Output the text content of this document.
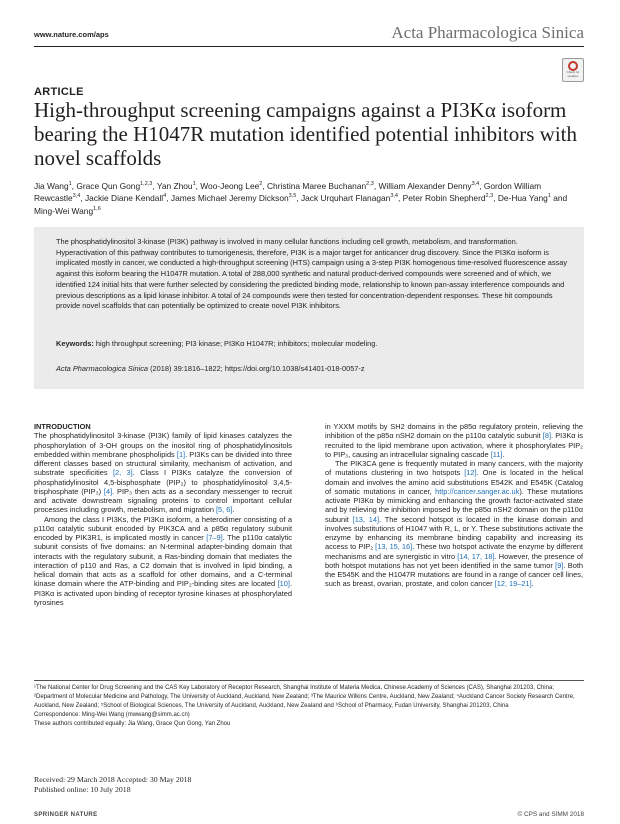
www.nature.com/aps	Acta Pharmacologica Sinica
Check for updates
ARTICLE
High-throughput screening campaigns against a PI3Kα isoform bearing the H1047R mutation identified potential inhibitors with novel scaffolds
Jia Wang$^1$, Grace Qun Gong$^{1,2,3}$, Yan Zhou$^1$, Woo-Jeong Lee$^2$, Christina Maree Buchanan$^{2,3}$, William Alexander Denny$^{3,4}$, Gordon William Rewcastle$^{3,4}$, Jackie Diane Kendall$^4$, James Michael Jeremy Dickson$^{3,5}$, Jack Urquhart Flanagan$^{3,4}$, Peter Robin Shepherd$^{2,3}$, De-Hua Yang$^1$ and Ming-Wei Wang$^{1,6}$

The phosphatidylinositol 3-kinase (PI3K) pathway is involved in many cellular functions including cell growth, metabolism, and transformation. Hyperactivation of this pathway contributes to tumorigenesis, therefore, PI3K is a major target for anticancer drug discovery. Since the PI3Kα isoform is implicated mostly in cancer, we conducted a high-throughput screening (HTS) campaign using a 3-step PI3K homogenous time-resolved fluorescence assay against this isoform bearing the H1047R mutation. A total of 288,000 synthetic and natural product-derived compounds were screened and of which, we identified 124 initial hits that were further selected by considering the predicted binding mode, relationship to known pan-assay interference compounds and previous descriptions as a lipid kinase inhibitor. A total of 24 compounds were then tested for concentration-dependent responses. These hit compounds provide novel scaffolds that can potentially be optimized to create novel PI3K inhibitors.

Keywords: high throughput screening; PI3 kinase; PI3Kα H1047R; inhibitors; molecular modeling.
Acta Pharmacologica Sinica (2018) 39:1816–1822; https://doi.org/10.1038/s41401-018-0057-z
INTRODUCTION

The phosphatidylinositol 3-kinase (PI3K) family of lipid kinases catalyzes the phosphorylation of 3-OH groups on the inositol ring of phosphatidylinositols embedded within membrane phospholipids [1]. PI3Ks can be divided into three different classes based on structural similarity, mechanism of activation, and substrate specificities [2, 3]. Class I PI3Ks catalyze the conversion of phosphatidylinositol 4,5-bisphosphate (PIP₂) to phosphatidylinositol 3,4,5-trisphosphate (PIP₃) [4]. PIP₃ then acts as a secondary messenger to recruit and activate downstream signaling proteins to control important cellular processes including growth, metabolism, and migration [5, 6].

Among the class I PI3Ks, the PI3Kα isoform, a heterodimer consisting of a p110α catalytic subunit encoded by PIK3CA and a p85α regulatory subunit encoded by PIK3R1, is implicated mostly in cancer [7–9]. The p110α catalytic subunit consists of five domains: an N-terminal adapter-binding domain that interacts with the regulatory subunit, a Ras-binding domain that mediates the interaction of p110 and Ras, a C2 domain that is involved in lipid binding, a helical domain that acts as a scaffold for other domains, and a C-terminal kinase domain where the ATP-binding and PIP₂-binding sites are located [10]. PI3Kα is activated upon binding of receptor tyrosine kinases at phosphorylated tyrosines

in YXXM motifs by SH2 domains in the p85α regulatory protein, relieving the inhibition of the p85α nSH2 domain on the p110α catalytic subunit [8]. PI3Kα is recruited to the lipid membrane upon activation, where it phosphorylates PIP₂ to PIP₃, causing an intracellular signaling cascade [11].

The PIK3CA gene is frequently mutated in many cancers, with the majority of mutations clustering in two hotspots [12]. One is located in the helical domain and involves the amino acid substitutions E542K and E545K (Catalog of somatic mutations in cancer, http://cancer.sanger.ac.uk). These mutations activate PI3Kα by mimicking and enhancing the growth factor-activated state and by relieving the inhibition imposed by the p85α nSH2 domain on the p110α subunit [13, 14]. The second hotspot is located in the kinase domain and involves substitutions of H1047 with R, L, or Y. These substitutions activate the enzyme by enhancing its membrane binding capability and increasing its access to PIP₂ [13, 15, 16]. These two hotspot activate the enzyme by different mechanisms and are synergistic in vitro [14, 17, 18]. However, the presence of both hotspot mutations has not yet been identified in the same tumor [9]. Both the E545K and the H1047R mutations are found in a range of cancer cell lines, such as breast, ovarian, prostate, and colon cancer [12, 19–21].

¹The National Center for Drug Screening and the CAS Key Laboratory of Receptor Research, Shanghai Institute of Materia Medica, Chinese Academy of Sciences (CAS), Shanghai 201203, China; ²Department of Molecular Medicine and Pathology, The University of Auckland, Auckland, New Zealand; ³The Maurice Wilkins Centre, Auckland, New Zealand; ⁴Auckland Cancer Society Research Centre, Auckland, New Zealand; ⁵School of Biological Sciences, The University of Auckland, Auckland, New Zealand and ⁶School of Pharmacy, Fudan University, Shanghai 201203, China

Correspondence: Ming-Wei Wang (mwwang@simm.ac.cn)

These authors contributed equally: Jia Wang, Grace Qun Gong, Yan Zhou

Received: 29 March 2018 Accepted: 30 May 2018

Published online: 10 July 2018

SPRINGER NATURE	© CPS and SIMM 2018
